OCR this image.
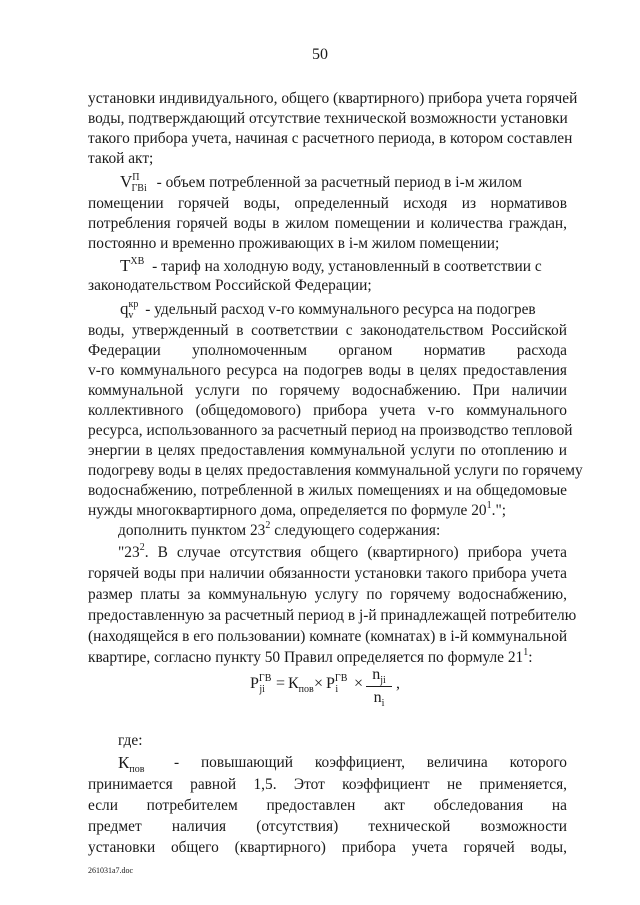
50
установки индивидуального, общего (квартирного) прибора учета горячей
воды, подтверждающий отсутствие технической возможности установки
такого прибора учета, начиная с расчетного периода, в котором составлен
такой акт;
$V^П_{ГВi}$ - объем потребленной за расчетный период в i-м жилом
помещении горячей воды, определенный исходя из нормативов
потребления горячей воды в жилом помещении и количества граждан,
постоянно и временно проживающих в i-м жилом помещении;
$T^{ХВ}$ - тариф на холодную воду, установленный в соответствии с
законодательством Российской Федерации;
$q^{кр}_v$ - удельный расход v-го коммунального ресурса на подогрев
воды, утвержденный в соответствии с законодательством Российской
Федерации уполномоченным органом норматив расхода
v-го коммунального ресурса на подогрев воды в целях предоставления
коммунальной услуги по горячему водоснабжению. При наличии
коллективного (общедомового) прибора учета v-го коммунального
ресурса, использованного за расчетный период на производство тепловой
энергии в целях предоставления коммунальной услуги по отоплению и
подогреву воды в целях предоставления коммунальной услуги по горячему
водоснабжению, потребленной в жилых помещениях и на общедомовые
нужды многоквартирного дома, определяется по формуле $20^1$.";
дополнить пунктом $23^2$ следующего содержания:
"$23^2$. В случае отсутствия общего (квартирного) прибора учета
горячей воды при наличии обязанности установки такого прибора учета
размер платы за коммунальную услугу по горячему водоснабжению,
предоставленную за расчетный период в j-й принадлежащей потребителю
(находящейся в его пользовании) комнате (комнатах) в i-й коммунальной
квартире, согласно пункту 50 Правил определяется по формуле $21^1$:
$P^{ГВ}_{ji} = К_{пов} \times P^{ГВ}_i$ ×
$n_{ji}$
$n_i$
,
где:
$К_{пов}$ - повышающий коэффициент, величина которого
принимается равной 1,5. Этот коэффициент не применяется,
если потребителем предоставлен акт обследования на
предмет наличия (отсутствия) технической возможности
установки общего (квартирного) прибора учета горячей воды,
261031a7.doc
